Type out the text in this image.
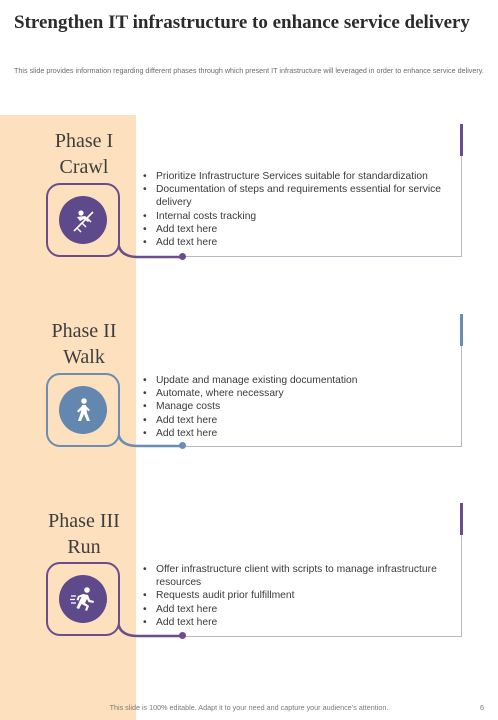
Strengthen IT infrastructure to enhance service delivery
This slide provides information regarding different phases through which present IT infrastructure will leveraged in order to enhance service delivery.
Phase I
Crawl
•	Prioritize Infrastructure Services suitable for standardization
• Documentation of steps and requirements essential for service delivery
• Internal costs tracking
• Add text here
• Add text here
Phase II
Walk
• Update and manage existing documentation
• Automate, where necessary
• Manage costs
• Add text here
• Add text here
Phase III
Run
• Offer infrastructure client with scripts to manage infrastructure resources
• Requests audit prior fulfillment
• Add text here
• Add text here
This slide is 100% editable. Adapt it to your need and capture your audience’s attention.	6
